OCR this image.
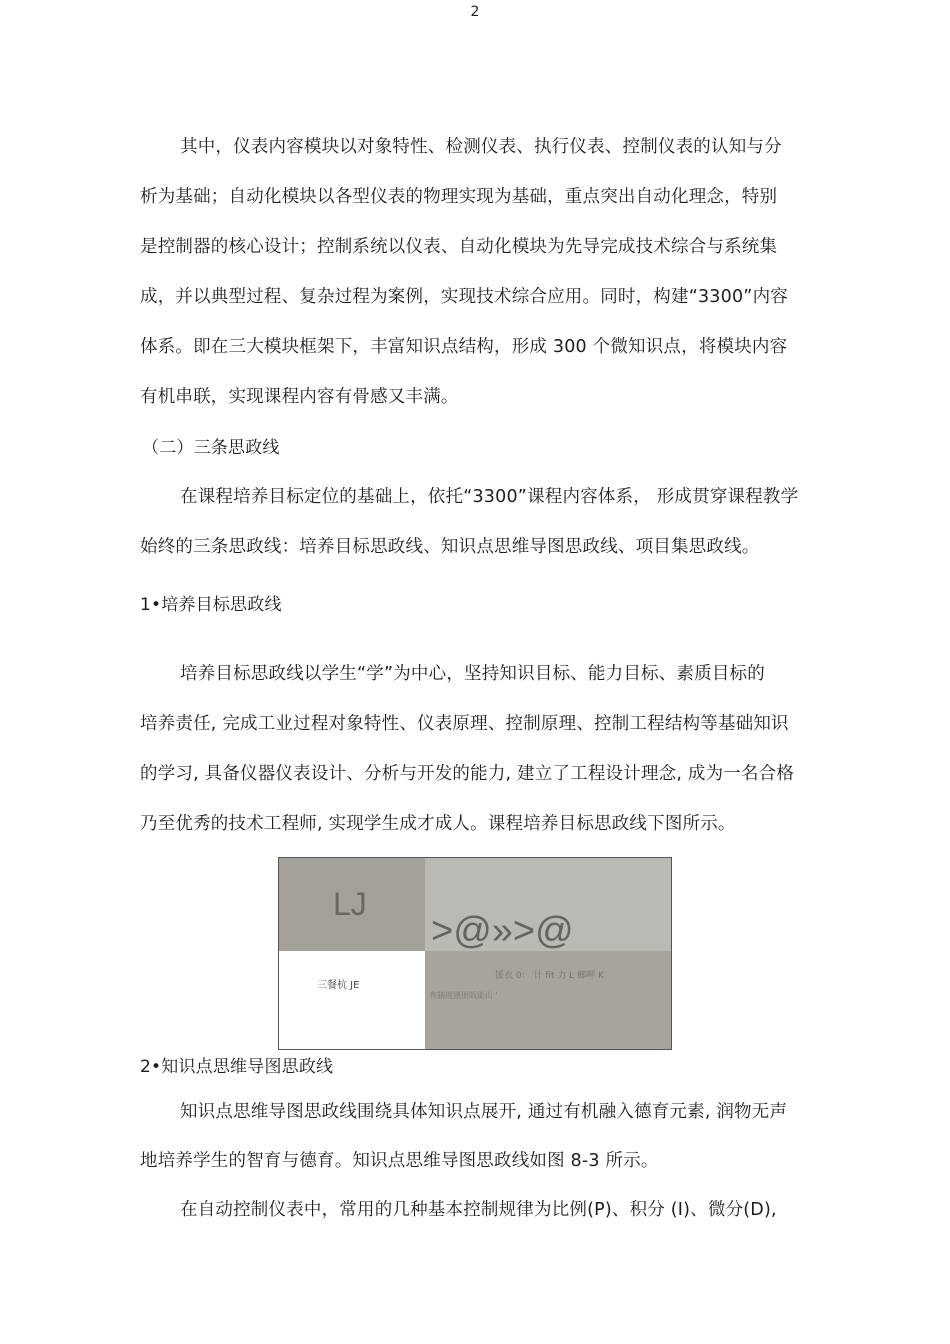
2
其中，仪表内容模块以对象特性、检测仪表、执行仪表、控制仪表的认知与分
析为基础；自动化模块以各型仪表的物理实现为基础，重点突出自动化理念，特别
是控制器的核心设计；控制系统以仪表、自动化模块为先导完成技术综合与系统集
成，并以典型过程、复杂过程为案例，实现技术综合应用。同时，构建“3300”内容
体系。即在三大模块框架下，丰富知识点结构，形成 300 个微知识点，将模块内容
有机串联，实现课程内容有骨感又丰满。
（二）三条思政线
在课程培养目标定位的基础上，依托“3300”课程内容体系， 形成贯穿课程教学
始终的三条思政线：培养目标思政线、知识点思维导图思政线、项目集思政线。
1•培养目标思政线
培养目标思政线以学生“学”为中心，坚持知识目标、能力目标、素质目标的
培养责任, 完成工业过程对象特性、仪表原理、控制原理、控制工程结构等基础知识
的学习, 具备仪器仪表设计、分析与开发的能力, 建立了工程设计理念, 成为一名合格
乃至优秀的技术工程师, 实现学生成才成人。课程培养目标思政线下图所示。
LJ
>@»>@
三餐杭 JE
馁衣 0： 计 fit 力 L 榔呷 K
祚制理懑册皈能山 '
2•知识点思维导图思政线
知识点思维导图思政线围绕具体知识点展开, 通过有机融入德育元素, 润物无声
地培养学生的智育与德育。知识点思维导图思政线如图 8-3 所示。
在自动控制仪表中，常用的几种基本控制规律为比例(P)、积分 (I)、微分(D),
